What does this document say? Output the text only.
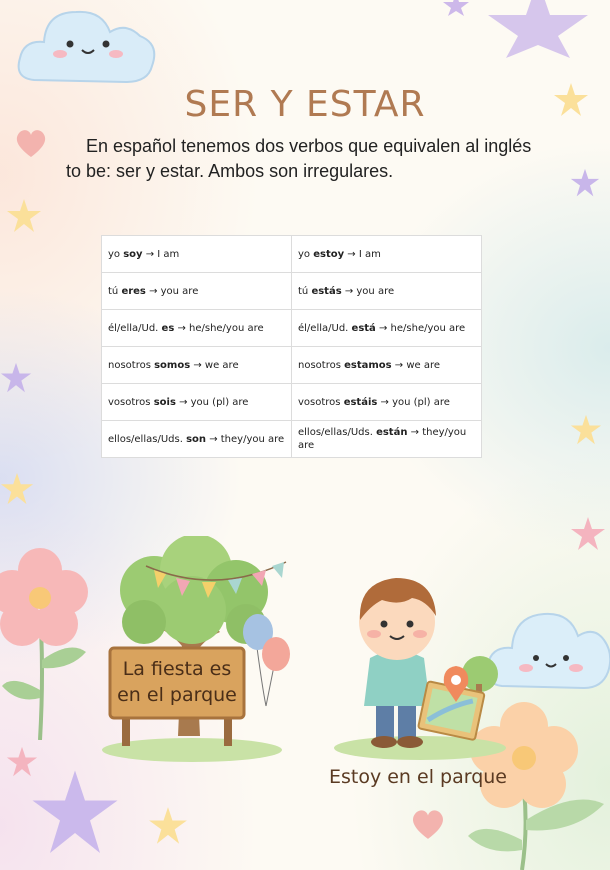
SER Y ESTAR
En español tenemos dos verbos que equivalen al inglés to be: ser y estar. Ambos son irregulares.
yo soy → I am	yo estoy → I am
tú eres → you are	tú estás → you are
él/ella/Ud. es → he/she/you are	él/ella/Ud. está → he/she/you are
nosotros somos → we are	nosotros estamos → we are
vosotros sois → you (pl) are	vosotros estáis → you (pl) are
ellos/ellas/Uds. son → they/you are	ellos/ellas/Uds. están → they/you are
La fiesta es
en el parque
Estoy en el parque
